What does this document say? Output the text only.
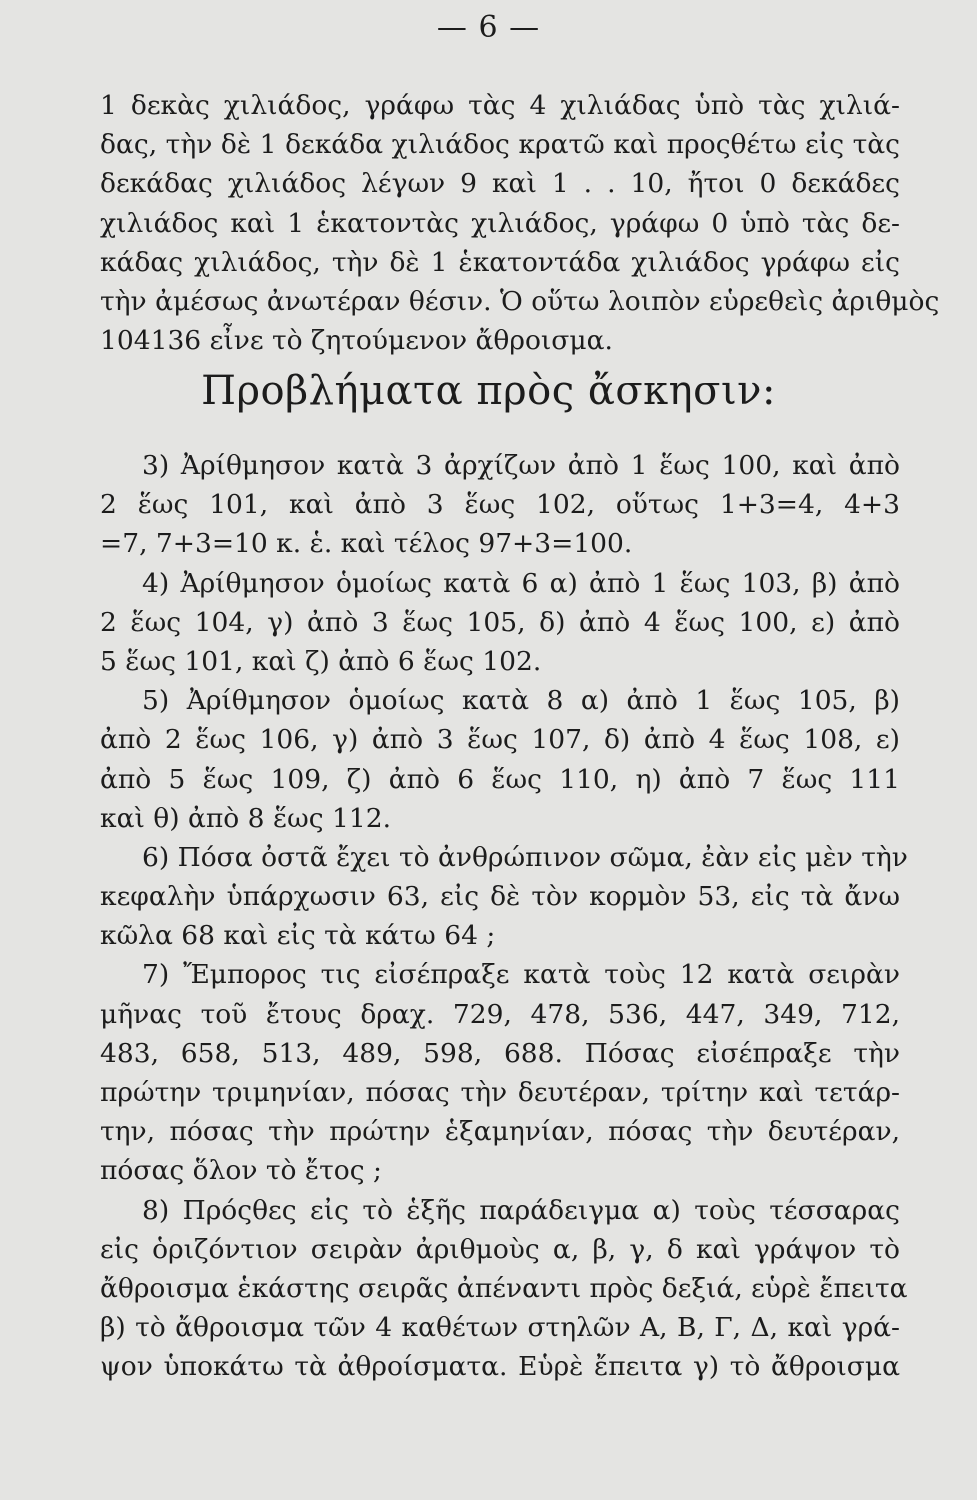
— 6 —
1 δεκὰς χιλιάδος, γράφω τὰς 4 χιλιάδας ὑπὸ τὰς χιλιά-
δας, τὴν δὲ 1 δεκάδα χιλιάδος κρατῶ καὶ προςθέτω εἰς τὰς
δεκάδας χιλιάδος λέγων 9 καὶ 1 . . 10, ἤτοι 0 δεκάδες
χιλιάδος καὶ 1 ἑκατοντὰς χιλιάδος, γράφω 0 ὑπὸ τὰς δε-
κάδας χιλιάδος, τὴν δὲ 1 ἑκατοντάδα χιλιάδος γράφω εἰς
τὴν ἀμέσως ἀνωτέραν θέσιν. Ὁ οὕτω λοιπὸν εὑρεθεὶς ἀριθμὸς
104136 εἶνε τὸ ζητούμενον ἄθροισμα.
Προβλήματα πρὸς ἄσκησιν:
3) Ἀρίθμησον κατὰ 3 ἀρχίζων ἀπὸ 1 ἕως 100, καὶ ἀπὸ
2 ἕως 101, καὶ ἀπὸ 3 ἕως 102, οὕτως 1+3=4, 4+3
=7, 7+3=10 κ. ἑ. καὶ τέλος 97+3=100.
4) Ἀρίθμησον ὁμοίως κατὰ 6 α) ἀπὸ 1 ἕως 103, β) ἀπὸ
2 ἕως 104, γ) ἀπὸ 3 ἕως 105, δ) ἀπὸ 4 ἕως 100, ε) ἀπὸ
5 ἕως 101, καὶ ζ) ἀπὸ 6 ἕως 102.
5) Ἀρίθμησον ὁμοίως κατὰ 8 α) ἀπὸ 1 ἕως 105, β)
ἀπὸ 2 ἕως 106, γ) ἀπὸ 3 ἕως 107, δ) ἀπὸ 4 ἕως 108, ε)
ἀπὸ 5 ἕως 109, ζ) ἀπὸ 6 ἕως 110, η) ἀπὸ 7 ἕως 111
καὶ θ) ἀπὸ 8 ἕως 112.
6) Πόσα ὀστᾶ ἔχει τὸ ἀνθρώπινον σῶμα, ἐὰν εἰς μὲν τὴν
κεφαλὴν ὑπάρχωσιν 63, εἰς δὲ τὸν κορμὸν 53, εἰς τὰ ἄνω
κῶλα 68 καὶ εἰς τὰ κάτω 64 ;
7) Ἔμπορος τις εἰσέπραξε κατὰ τοὺς 12 κατὰ σειρὰν
μῆνας τοῦ ἔτους δραχ. 729, 478, 536, 447, 349, 712,
483, 658, 513, 489, 598, 688. Πόσας εἰσέπραξε τὴν
πρώτην τριμηνίαν, πόσας τὴν δευτέραν, τρίτην καὶ τετάρ-
την, πόσας τὴν πρώτην ἑξαμηνίαν, πόσας τὴν δευτέραν,
πόσας ὅλον τὸ ἔτος ;
8) Πρόςθες εἰς τὸ ἑξῆς παράδειγμα α) τοὺς τέσσαρας
εἰς ὁριζόντιον σειρὰν ἀριθμοὺς α, β, γ, δ καὶ γράψον τὸ
ἄθροισμα ἑκάστης σειρᾶς ἀπέναντι πρὸς δεξιά, εὑρὲ ἔπειτα
β) τὸ ἄθροισμα τῶν 4 καθέτων στηλῶν Α, Β, Γ, Δ, καὶ γρά-
ψον ὑποκάτω τὰ ἀθροίσματα. Εὑρὲ ἔπειτα γ) τὸ ἄθροισμα
